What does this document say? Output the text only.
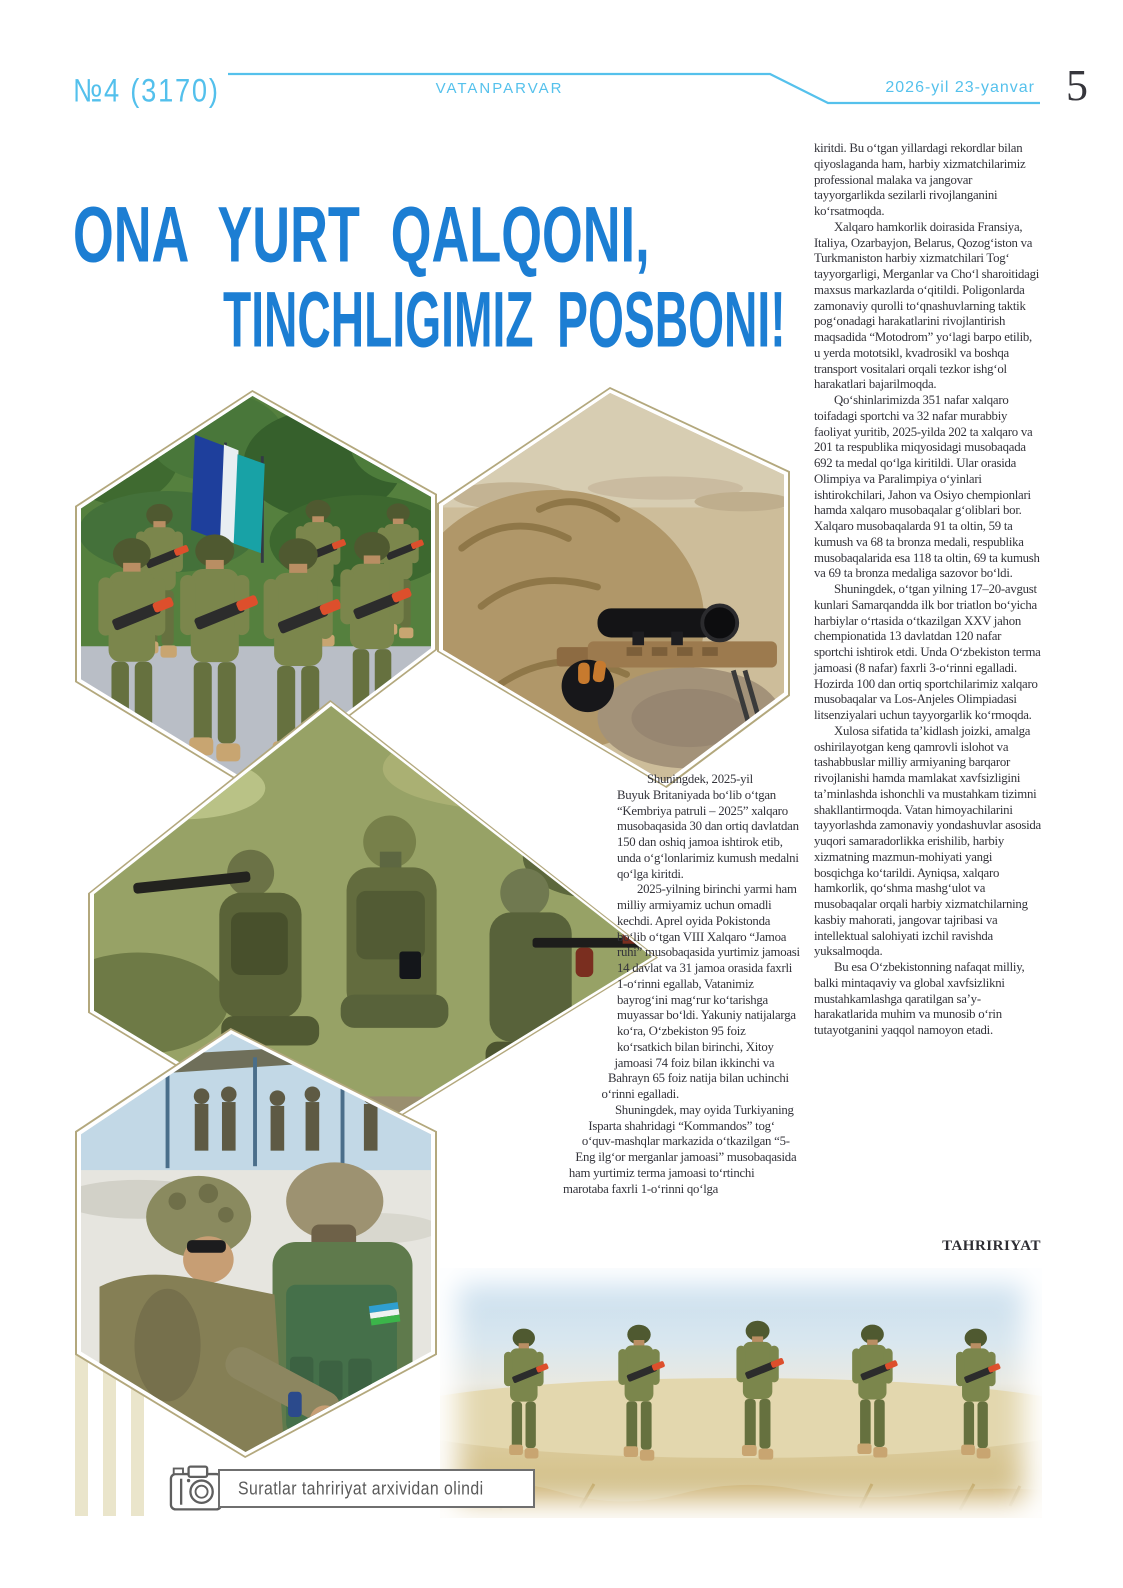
№4 (3170)	VATANPARVAR	2026-yil 23-yanvar 5
ONA YURT QALQONI,
TINCHLIGIMIZ POSBONI!

Shuningdek, 2025-yil Buyuk Britaniyada bo‘lib o‘tgan “Kembriya patruli – 2025” xalqaro musobaqasida 30 dan ortiq davlatdan 150 dan oshiq jamoa ishtirok etib, unda o‘g‘lonlarimiz kumush medalni qo‘lga kiritdi.

2025-yilning birinchi yarmi ham milliy armiyamiz uchun omadli kechdi. Aprel oyida Pokistonda bo‘lib o‘tgan VIII Xalqaro “Jamoa ruhi” musobaqasida yurtimiz jamoasi 14 davlat va 31 jamoa orasida faxrli 1-o‘rinni egallab, Vatanimiz bayrog‘ini mag‘rur ko‘tarishga muyassar bo‘ldi. Yakuniy natijalarga ko‘ra, O‘zbekiston 95 foiz ko‘rsatkich bilan birinchi, Xitoy jamoasi 74 foiz bilan ikkinchi va Bahrayn 65 foiz natija bilan uchinchi o‘rinni egalladi.

Shuningdek, may oyida Turkiyaning Isparta shahridagi “Kommandos” tog‘ o‘quv-mashqlar markazida o‘tkazilgan “5-Eng ilg‘or merganlar jamoasi” musobaqasida ham yurtimiz terma jamoasi to‘rtinchi marotaba faxrli 1-o‘rinni qo‘lga

kiritdi. Bu o‘tgan yillardagi rekordlar bilan qiyoslaganda ham, harbiy xizmatchilarimiz professional malaka va jangovar tayyorgarlikda sezilarli rivojlanganini ko‘rsatmoqda.

Xalqaro hamkorlik doirasida Fransiya, Italiya, Ozarbayjon, Belarus, Qozog‘iston va Turkmaniston harbiy xizmatchilari Tog‘ tayyorgarligi, Merganlar va Cho‘l sharoitidagi maxsus markazlarda o‘qitildi. Poligonlarda zamonaviy qurolli to‘qnashuvlarning taktik pog‘onadagi harakatlarini rivojlantirish maqsadida “Motodrom” yo‘lagi barpo etilib, u yerda mototsikl, kvadrosikl va boshqa transport vositalari orqali tezkor ishg‘ol harakatlari bajarilmoqda.

Qo‘shinlarimizda 351 nafar xalqaro toifadagi sportchi va 32 nafar murabbiy faoliyat yuritib, 2025-yilda 202 ta xalqaro va 201 ta respublika miqyosidagi musobaqada 692 ta medal qo‘lga kiritildi. Ular orasida Olimpiya va Paralimpiya o‘yinlari ishtirokchilari, Jahon va Osiyo chempionlari hamda xalqaro musobaqalar g‘oliblari bor. Xalqaro musobaqalarda 91 ta oltin, 59 ta kumush va 68 ta bronza medali, respublika musobaqalarida esa 118 ta oltin, 69 ta kumush va 69 ta bronza medaliga sazovor bo‘ldi.

Shuningdek, o‘tgan yilning 17–20-avgust kunlari Samarqandda ilk bor triatlon bo‘yicha harbiylar o‘rtasida o‘tkazilgan XXV jahon chempionatida 13 davlatdan 120 nafar sportchi ishtirok etdi. Unda O‘zbekiston terma jamoasi (8 nafar) faxrli 3-o‘rinni egalladi. Hozirda 100 dan ortiq sportchilarimiz xalqaro musobaqalar va Los-Anjeles Olimpiadasi litsenziyalari uchun tayyorgarlik ko‘rmoqda.

Xulosa sifatida ta’kidlash joizki, amalga oshirilayotgan keng qamrovli islohot va tashabbuslar milliy armiyaning barqaror rivojlanishi hamda mamlakat xavfsizligini ta’minlashda ishonchli va mustahkam tizimni shakllantirmoqda. Vatan himoyachilarini tayyorlashda zamonaviy yondashuvlar asosida yuqori samaradorlikka erishilib, harbiy xizmatning mazmun-mohiyati yangi bosqichga ko‘tarildi. Ayniqsa, xalqaro hamkorlik, qo‘shma mashg‘ulot va musobaqalar orqali harbiy xizmatchilarning kasbiy mahorati, jangovar tajribasi va intellektual salohiyati izchil ravishda yuksalmoqda.

Bu esa O‘zbekistonning nafaqat milliy, balki mintaqaviy va global xavfsizlikni mustahkamlashga qaratilgan sa’y-harakatlarida muhim va munosib o‘rin tutayotganini yaqqol namoyon etadi.

TAHRIRIYAT
Suratlar tahririyat arxividan olindi
